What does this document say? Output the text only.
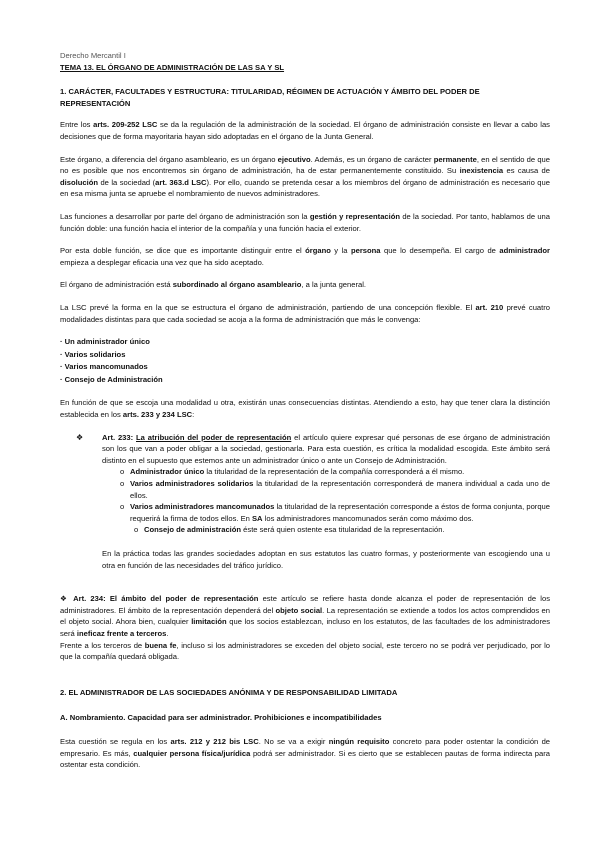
Derecho Mercantil I
TEMA 13. EL ÓRGANO DE ADMINISTRACIÓN DE LAS SA Y SL
1. CARÁCTER, FACULTADES Y ESTRUCTURA: TITULARIDAD, RÉGIMEN DE ACTUACIÓN Y ÁMBITO DEL PODER DE REPRESENTACIÓN

Entre los arts. 209-252 LSC se da la regulación de la administración de la sociedad. El órgano de administración consiste en llevar a cabo las decisiones que de forma mayoritaria hayan sido adoptadas en el órgano de la Junta General.

Este órgano, a diferencia del órgano asambleario, es un órgano ejecutivo. Además, es un órgano de carácter permanente, en el sentido de que no es posible que nos encontremos sin órgano de administración, ha de estar permanentemente constituido. Su inexistencia es causa de disolución de la sociedad (art. 363.d LSC). Por ello, cuando se pretenda cesar a los miembros del órgano de administración es necesario que en esa misma junta se apruebe el nombramiento de nuevos administradores.

Las funciones a desarrollar por parte del órgano de administración son la gestión y representación de la sociedad. Por tanto, hablamos de una función doble: una función hacia el interior de la compañía y una función hacia el exterior.

Por esta doble función, se dice que es importante distinguir entre el órgano y la persona que lo desempeña. El cargo de administrador empieza a desplegar eficacia una vez que ha sido aceptado.

El órgano de administración está subordinado al órgano asambleario, a la junta general.

La LSC prevé la forma en la que se estructura el órgano de administración, partiendo de una concepción flexible. El art. 210 prevé cuatro modalidades distintas para que cada sociedad se acoja a la forma de administración que más le convenga:

· Un administrador único
· Varios solidarios
· Varios mancomunados
· Consejo de Administración

En función de que se escoja una modalidad u otra, existirán unas consecuencias distintas. Atendiendo a esto, hay que tener clara la distinción establecida en los arts. 233 y 234 LSC:

❖ Art. 233: La atribución del poder de representación el artículo quiere expresar qué personas de ese órgano de administración son los que van a poder obligar a la sociedad, gestionarla. Para esta cuestión, es crítica la modalidad escogida. Este ámbito será distinto en el supuesto que estemos ante un administrador único o ante un Consejo de Administración.

o Administrador único la titularidad de la representación de la compañía corresponderá a él mismo.
o Varios administradores solidarios la titularidad de la representación corresponderá de manera individual a cada uno de ellos.
o Varios administradores mancomunados la titularidad de la representación corresponde a éstos de forma conjunta, porque requerirá la firma de todos ellos. En SA los administradores mancomunados serán como máximo dos.
o Consejo de administración éste será quien ostente esa titularidad de la representación.

En la práctica todas las grandes sociedades adoptan en sus estatutos las cuatro formas, y posteriormente van escogiendo una u otra en función de las necesidades del tráfico jurídico.

❖ Art. 234: El ámbito del poder de representación este artículo se refiere hasta donde alcanza el poder de representación de los administradores. El ámbito de la representación dependerá del objeto social. La representación se extiende a todos los actos comprendidos en el objeto social. Ahora bien, cualquier limitación que los socios establezcan, incluso en los estatutos, de las facultades de los administradores será ineficaz frente a terceros.

Frente a los terceros de buena fe, incluso si los administradores se exceden del objeto social, este tercero no se podrá ver perjudicado, por lo que la compañía quedará obligada.

2. EL ADMINISTRADOR DE LAS SOCIEDADES ANÓNIMA Y DE RESPONSABILIDAD LIMITADA
A. Nombramiento. Capacidad para ser administrador. Prohibiciones e incompatibilidades

Esta cuestión se regula en los arts. 212 y 212 bis LSC. No se va a exigir ningún requisito concreto para poder ostentar la condición de empresario. Es más, cualquier persona física/jurídica podrá ser administrador. Si es cierto que se establecen pautas de forma indirecta para ostentar esta condición.
